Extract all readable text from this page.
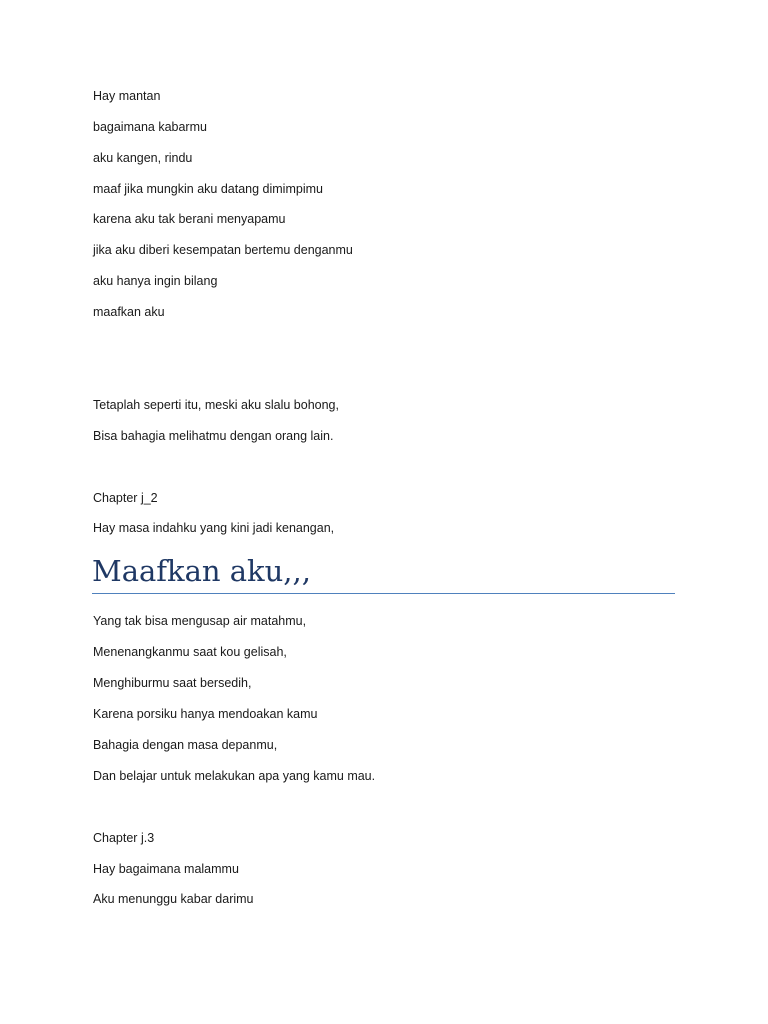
Hay mantan

bagaimana kabarmu

aku kangen, rindu

maaf jika mungkin aku datang dimimpimu

karena aku tak berani menyapamu

jika aku diberi kesempatan bertemu denganmu

aku hanya ingin bilang

maafkan aku

Tetaplah seperti itu, meski aku slalu bohong,

Bisa bahagia melihatmu dengan orang lain.

Chapter j_2

Hay masa indahku yang kini jadi kenangan,

Maafkan aku,,,

Yang tak bisa mengusap air matahmu,

Menenangkanmu saat kou gelisah,

Menghiburmu saat bersedih,

Karena porsiku hanya mendoakan kamu

Bahagia dengan masa depanmu,

Dan belajar untuk melakukan apa yang kamu mau.

Chapter j.3

Hay bagaimana malammu

Aku menunggu kabar darimu
